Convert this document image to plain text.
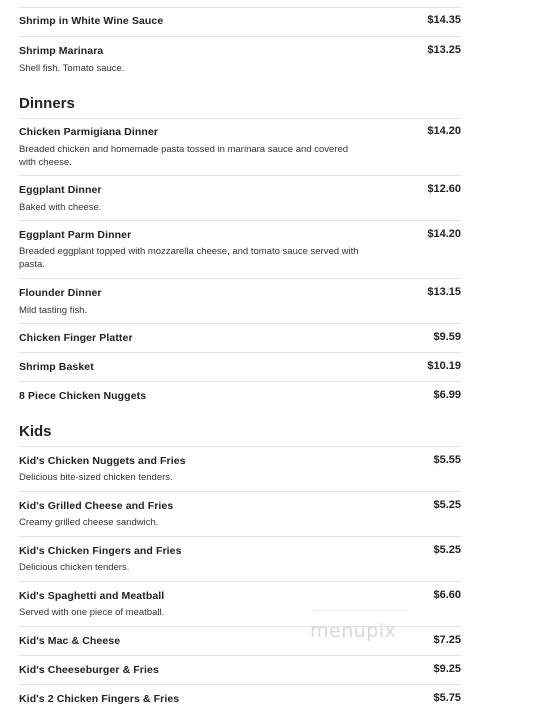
Shrimp in White Wine Sauce	$14.35
Shrimp Marinara	$13.25
Shell fish. Tomato sauce.
Dinners
Chicken Parmigiana Dinner	$14.20
Breaded chicken and homemade pasta tossed in marinara sauce and covered with cheese.
Eggplant Dinner	$12.60
Baked with cheese.
Eggplant Parm Dinner	$14.20
Breaded eggplant topped with mozzarella cheese, and tomato sauce served with pasta.
Flounder Dinner	$13.15
Mild tasting fish.
Chicken Finger Platter	$9.59
Shrimp Basket	$10.19
8 Piece Chicken Nuggets	$6.99
Kids
Kid's Chicken Nuggets and Fries	$5.55
Delicious bite-sized chicken tenders.
Kid's Grilled Cheese and Fries	$5.25
Creamy grilled cheese sandwich.
Kid's Chicken Fingers and Fries	$5.25
Delicious chicken tenders.
Kid's Spaghetti and Meatball	$6.60
Served with one piece of meatball.
Kid's Mac & Cheese	$7.25
Kid's Cheeseburger & Fries	$9.25
Kid's 2 Chicken Fingers & Fries	$5.75
menupix
